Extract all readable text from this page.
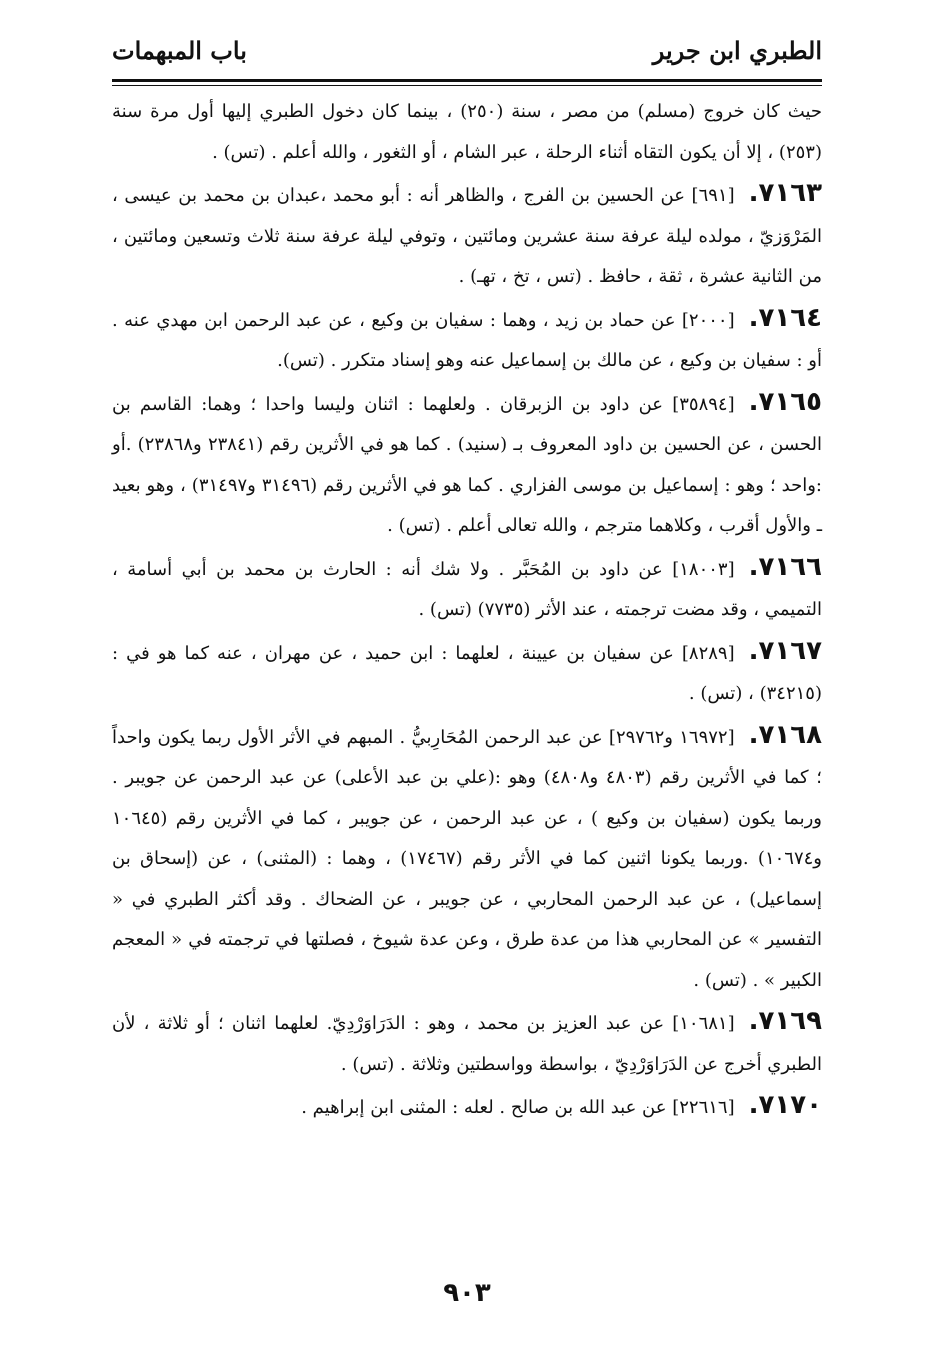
الطبري ابن جرير
باب المبهمات

حيث كان خروج (مسلم) من مصر ، سنة (٢٥٠) ، بينما كان دخول الطبري إليها أول مرة سنة (٢٥٣) ، إلا أن يكون التقاه أثناء الرحلة ، عبر الشام ، أو الثغور ، والله أعلم . (تس) .

٧١٦٣.[٦٩١] عن الحسين بن الفرج ، والظاهر أنه : أبو محمد ،عبدان بن محمد بن عيسى ، المَرْوَزيّ ، مولده ليلة عرفة سنة عشرين ومائتين ، وتوفي ليلة عرفة سنة ثلاث وتسعين ومائتين ، من الثانية عشرة ، ثقة ، حافظ . (تس ، تخ ، تهـ) .

٧١٦٤.[٢٠٠٠] عن حماد بن زيد ، وهما : سفيان بن وكيع ، عن عبد الرحمن ابن مهدي عنه . أو : سفيان بن وكيع ، عن مالك بن إسماعيل عنه وهو إسناد متكرر . (تس).

٧١٦٥.[٣٥٨٩٤] عن داود بن الزبرقان . ولعلهما : اثنان وليسا واحدا ؛ وهما: القاسم بن الحسن ، عن الحسين بن داود المعروف بـ (سنيد) . كما هو في الأثرين رقم (٢٣٨٤١ و٢٣٨٦٨) .أو :واحد ؛ وهو : إسماعيل بن موسى الفزاري . كما هو في الأثرين رقم (٣١٤٩٦ و٣١٤٩٧) ، وهو بعيد ـ والأول أقرب ، وكلاهما مترجم ، والله تعالى أعلم . (تس) .

٧١٦٦.[١٨٠٠٣] عن داود بن المُحَبَّر . ولا شك أنه : الحارث بن محمد بن أبي أسامة ، التميمي ، وقد مضت ترجمته ، عند الأثر (٧٧٣٥) (تس) .

٧١٦٧.[٨٢٨٩] عن سفيان بن عيينة ، لعلهما : ابن حميد ، عن مهران ، عنه كما هو في : (٣٤٢١٥) ، (تس) .

٧١٦٨.[١٦٩٧٢ و٢٩٧٦٢] عن عبد الرحمن المُحَارِبيُّ . المبهم في الأثر الأول ربما يكون واحداً ؛ كما في الأثرين رقم (٤٨٠٣ و٤٨٠٨) وهو :(علي بن عبد الأعلى) عن عبد الرحمن عن جويبر . وربما يكون (سفيان بن وكيع ) ، عن عبد الرحمن ، عن جويبر ، كما في الأثرين رقم (١٠٦٤٥ و١٠٦٧٤) .وربما يكونا اثنين كما في الأثر رقم (١٧٤٦٧) ، وهما : (المثنى) ، عن (إسحاق بن إسماعيل) ، عن عبد الرحمن المحاربي ، عن جويبر ، عن الضحاك . وقد أكثر الطبري في « التفسير » عن المحاربي هذا من عدة طرق ، وعن عدة شيوخ ، فصلتها في ترجمته في « المعجم الكبير » . (تس) .

٧١٦٩.[١٠٦٨١] عن عبد العزيز بن محمد ، وهو : الدَرَاوَرْدِيّ. لعلهما اثنان ؛ أو ثلاثة ، لأن الطبري أخرج عن الدَرَاوَرْدِيّ ، بواسطة وواسطتين وثلاثة . (تس) .

٧١٧٠.[٢٢٦١٦] عن عبد الله بن صالح . لعله : المثنى ابن إبراهيم .

٩٠٣
